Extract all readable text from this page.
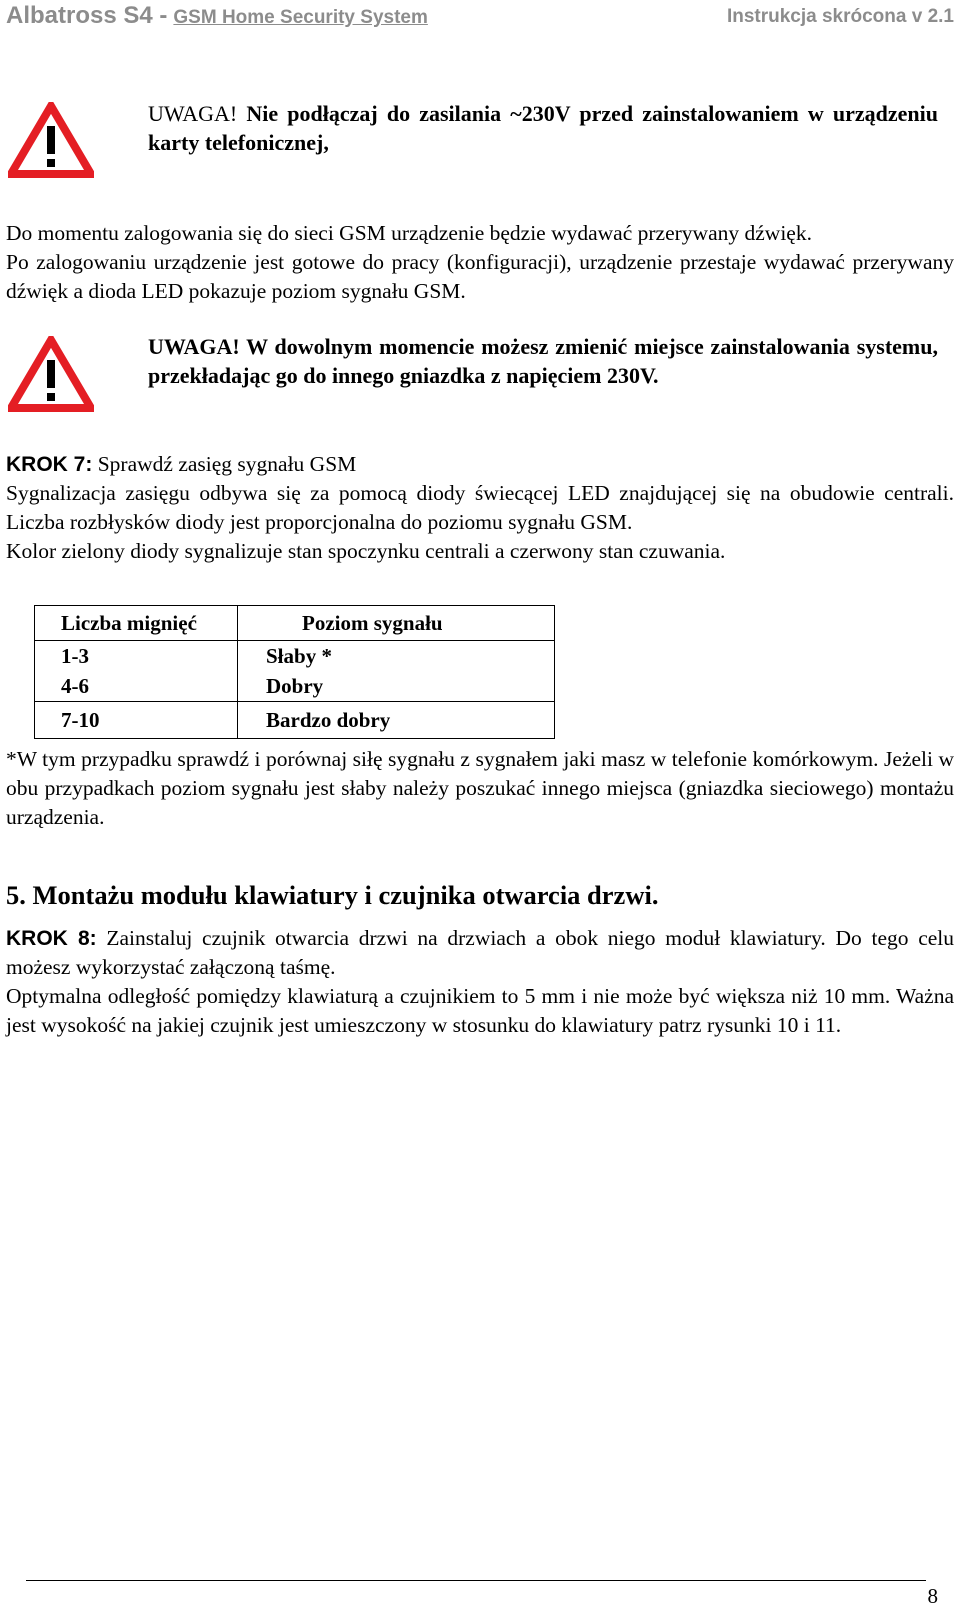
Albatross S4 - GSM Home Security System	Instrukcja skrócona v 2.1
UWAGA! Nie podłączaj do zasilania ~230V przed zainstalowaniem w urządzeniu karty telefonicznej,

Do momentu zalogowania się do sieci GSM urządzenie będzie wydawać przerywany dźwięk.

Po zalogowaniu urządzenie jest gotowe do pracy (konfiguracji), urządzenie przestaje wydawać przerywany dźwięk a dioda LED pokazuje poziom sygnału GSM.

UWAGA! W dowolnym momencie możesz zmienić miejsce zainstalowania systemu, przekładając go do innego gniazdka z napięciem 230V.

KROK 7: Sprawdź zasięg sygnału GSM

Sygnalizacja zasięgu odbywa się za pomocą diody świecącej LED znajdującej się na obudowie centrali. Liczba rozbłysków diody jest proporcjonalna do poziomu sygnału GSM.

Kolor zielony diody sygnalizuje stan spoczynku centrali a czerwony stan czuwania.

Liczba mignięć	Poziom sygnału
1-3	Słaby *
4-6	Dobry
7-10	Bardzo dobry
*W tym przypadku sprawdź i porównaj siłę sygnału z sygnałem jaki masz w telefonie komórkowym. Jeżeli w obu przypadkach poziom sygnału jest słaby należy poszukać innego miejsca (gniazdka sieciowego) montażu urządzenia.
5. Montażu modułu klawiatury i czujnika otwarcia drzwi.

KROK 8: Zainstaluj czujnik otwarcia drzwi na drzwiach a obok niego moduł klawiatury. Do tego celu możesz wykorzystać załączoną taśmę.

Optymalna odległość pomiędzy klawiaturą a czujnikiem to 5 mm i nie może być większa niż 10 mm. Ważna jest wysokość na jakiej czujnik jest umieszczony w stosunku do klawiatury patrz rysunki 10 i 11.

8
